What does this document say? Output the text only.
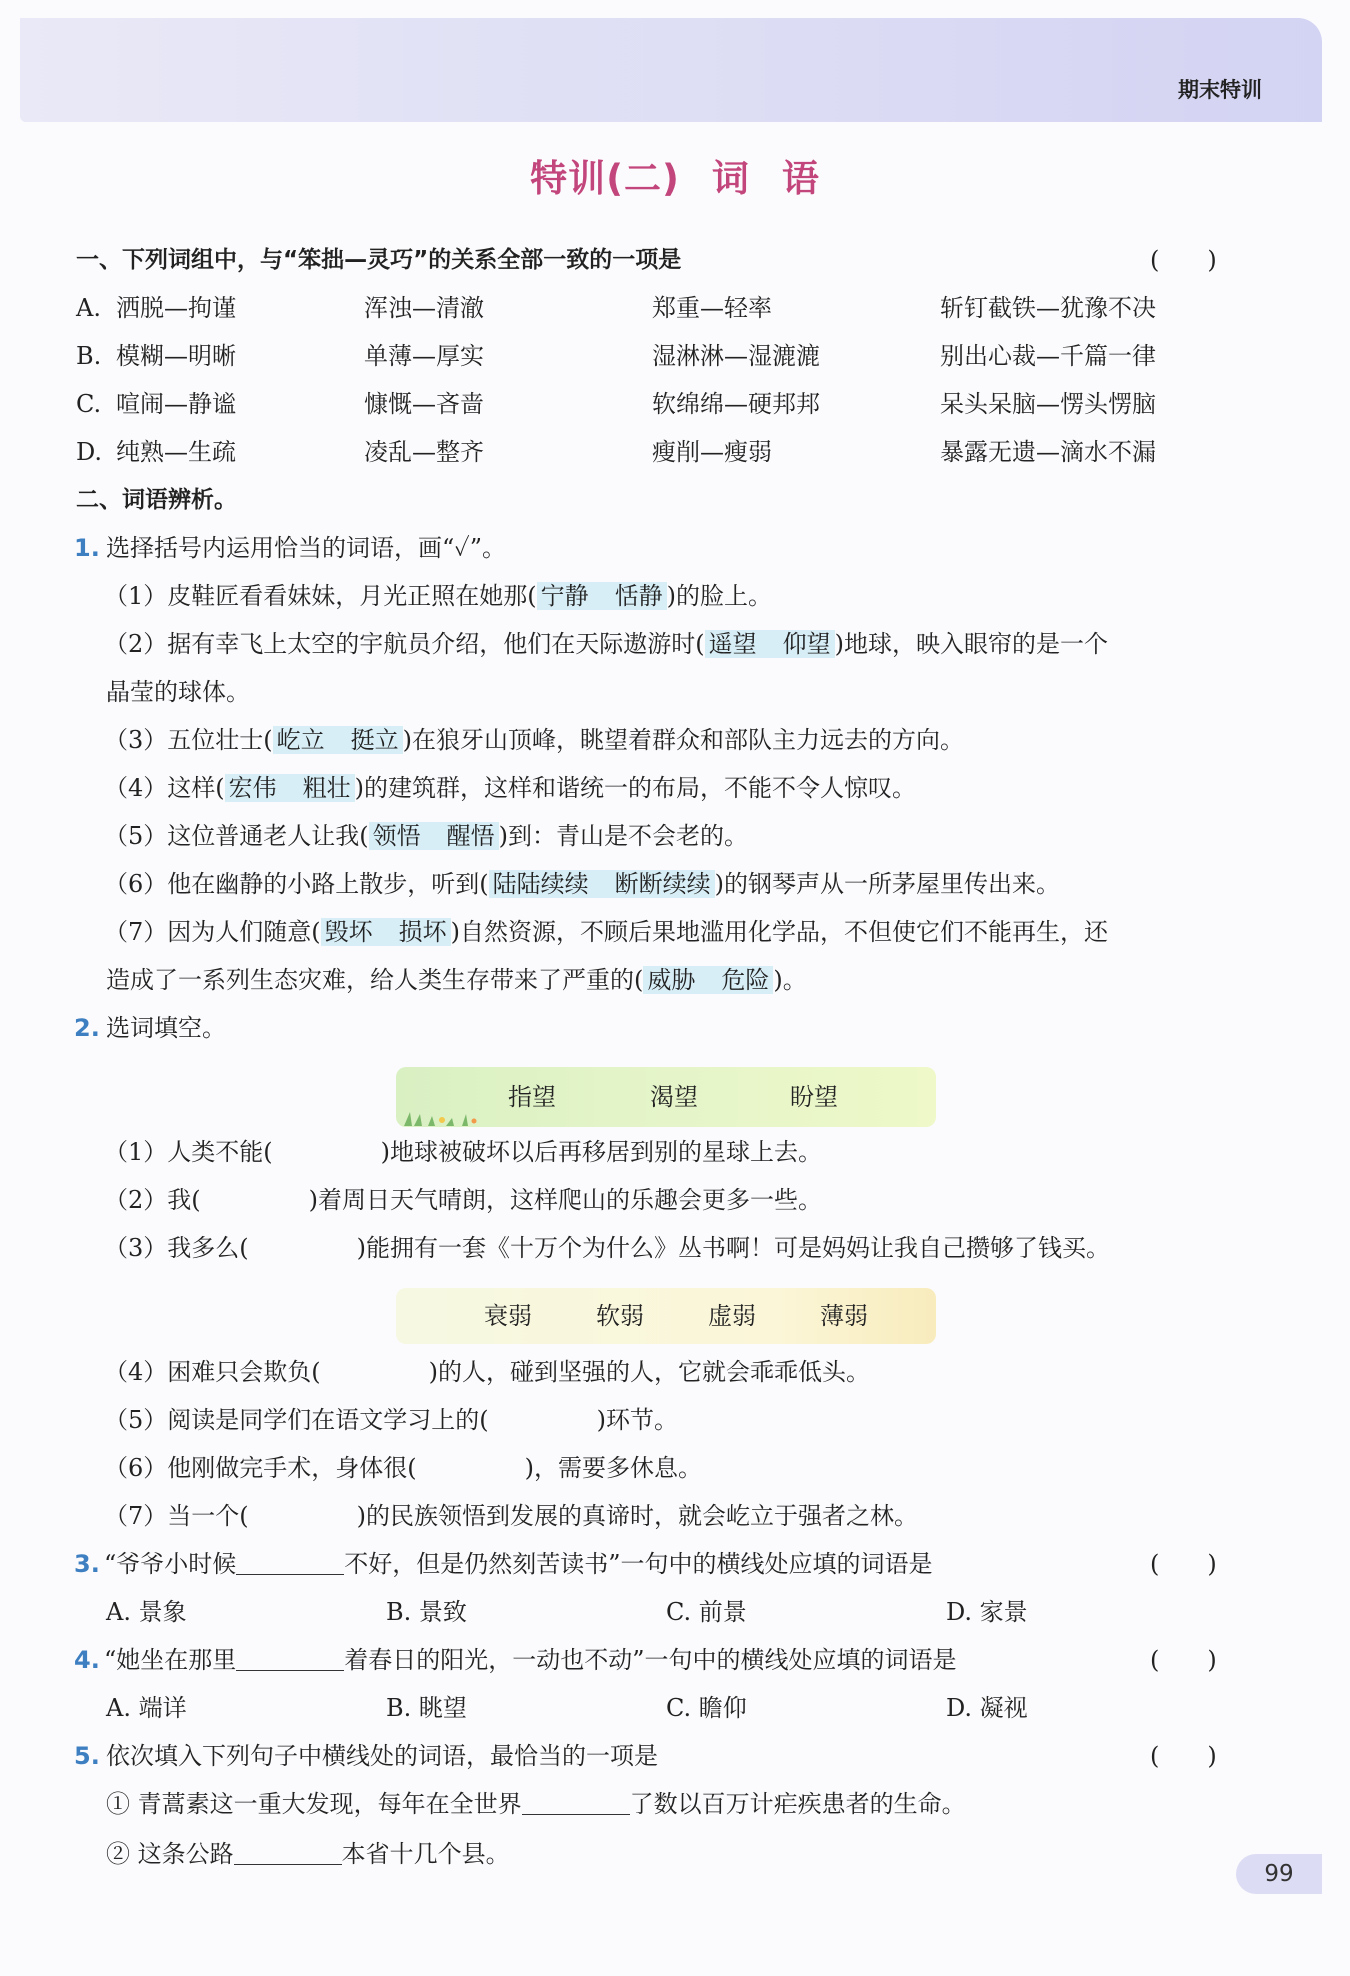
期末特训
特训(二) 词 语
一、下列词组中，与“笨拙—灵巧”的关系全部一致的一项是	(　　)
A. 洒脱—拘谨	浑浊—清澈	郑重—轻率	斩钉截铁—犹豫不决
B. 模糊—明晰	单薄—厚实	湿淋淋—湿漉漉	别出心裁—千篇一律
C. 喧闹—静谧	慷慨—吝啬	软绵绵—硬邦邦	呆头呆脑—愣头愣脑
D. 纯熟—生疏	凌乱—整齐	瘦削—瘦弱	暴露无遗—滴水不漏
二、词语辨析。
1. 选择括号内运用恰当的词语，画“✓”。
（1）皮鞋匠看看妹妹，月光正照在她那( 宁静 恬静 )的脸上。
（2）据有幸飞上太空的宇航员介绍，他们在天际遨游时( 遥望 仰望 )地球，映入眼帘的是一个
晶莹的球体。
（3）五位壮士( 屹立 挺立 )在狼牙山顶峰，眺望着群众和部队主力远去的方向。
（4）这样( 宏伟 粗壮 )的建筑群，这样和谐统一的布局，不能不令人惊叹。
（5）这位普通老人让我( 领悟 醒悟 )到：青山是不会老的。
（6）他在幽静的小路上散步，听到( 陆陆续续 断断续续 )的钢琴声从一所茅屋里传出来。
（7）因为人们随意( 毁坏 损坏 )自然资源，不顾后果地滥用化学品，不但使它们不能再生，还
造成了一系列生态灾难，给人类生存带来了严重的( 威胁 危险 )。
2. 选词填空。
指望	渴望	盼望
（1）人类不能(	)地球被破坏以后再移居到别的星球上去。
（2）我(	)着周日天气晴朗，这样爬山的乐趣会更多一些。
（3）我多么(	)能拥有一套《十万个为什么》丛书啊！可是妈妈让我自己攒够了钱买。
衰弱	软弱	虚弱	薄弱
（4）困难只会欺负(	)的人，碰到坚强的人，它就会乖乖低头。
（5）阅读是同学们在语文学习上的(	)环节。
（6）他刚做完手术，身体很(	)，需要多休息。
（7）当一个(	)的民族领悟到发展的真谛时，就会屹立于强者之林。
3. “爷爷小时候	不好，但是仍然刻苦读书”一句中的横线处应填的词语是	(　　)
A. 景象	B. 景致	C. 前景	D. 家景
4. “她坐在那里	着春日的阳光，一动也不动”一句中的横线处应填的词语是	(　　)
A. 端详	B. 眺望	C. 瞻仰	D. 凝视
5. 依次填入下列句子中横线处的词语，最恰当的一项是	(　　)
① 青蒿素这一重大发现，每年在全世界	了数以百万计疟疾患者的生命。
② 这条公路	本省十几个县。
99
